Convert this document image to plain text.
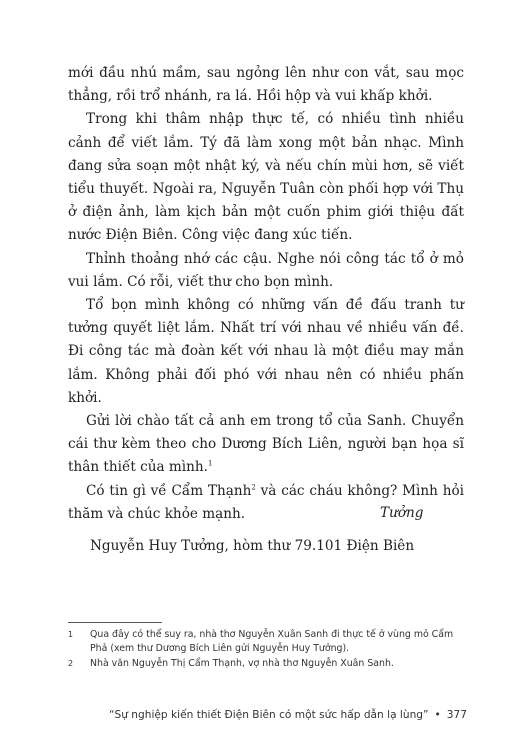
mới đầu nhú mầm, sau ngỏng lên như con vắt, sau mọc thẳng, rồi trổ nhánh, ra lá. Hồi hộp và vui khấp khởi.

Trong khi thâm nhập thực tế, có nhiều tình nhiều cảnh để viết lắm. Tý đã làm xong một bản nhạc. Mình đang sửa soạn một nhật ký, và nếu chín mùi hơn, sẽ viết tiểu thuyết. Ngoài ra, Nguyễn Tuân còn phối hợp với Thụ ở điện ảnh, làm kịch bản một cuốn phim giới thiệu đất nước Điện Biên. Công việc đang xúc tiến.

Thỉnh thoảng nhớ các cậu. Nghe nói công tác tổ ở mỏ vui lắm. Có rỗi, viết thư cho bọn mình.

Tổ bọn mình không có những vấn đề đấu tranh tư tưởng quyết liệt lắm. Nhất trí với nhau về nhiều vấn đề. Đi công tác mà đoàn kết với nhau là một điều may mắn lắm. Không phải đối phó với nhau nên có nhiều phấn khởi.

Gửi lời chào tất cả anh em trong tổ của Sanh. Chuyển cái thư kèm theo cho Dương Bích Liên, người bạn họa sĩ thân thiết của mình.$^1$

Có tin gì về Cẩm Thạnh$^2$ và các cháu không? Mình hỏi thăm và chúc khỏe mạnh.	Tưởng
Nguyễn Huy Tưởng, hòm thư 79.101 Điện Biên
1	Qua đây có thể suy ra, nhà thơ Nguyễn Xuân Sanh đi thực tế ở vùng mỏ Cẩm Phả (xem thư Dương Bích Liên gửi Nguyễn Huy Tưởng).
2	Nhà văn Nguyễn Thị Cẩm Thạnh, vợ nhà thơ Nguyễn Xuân Sanh.
“Sự nghiệp kiến thiết Điện Biên có một sức hấp dẫn lạ lùng” • 377
